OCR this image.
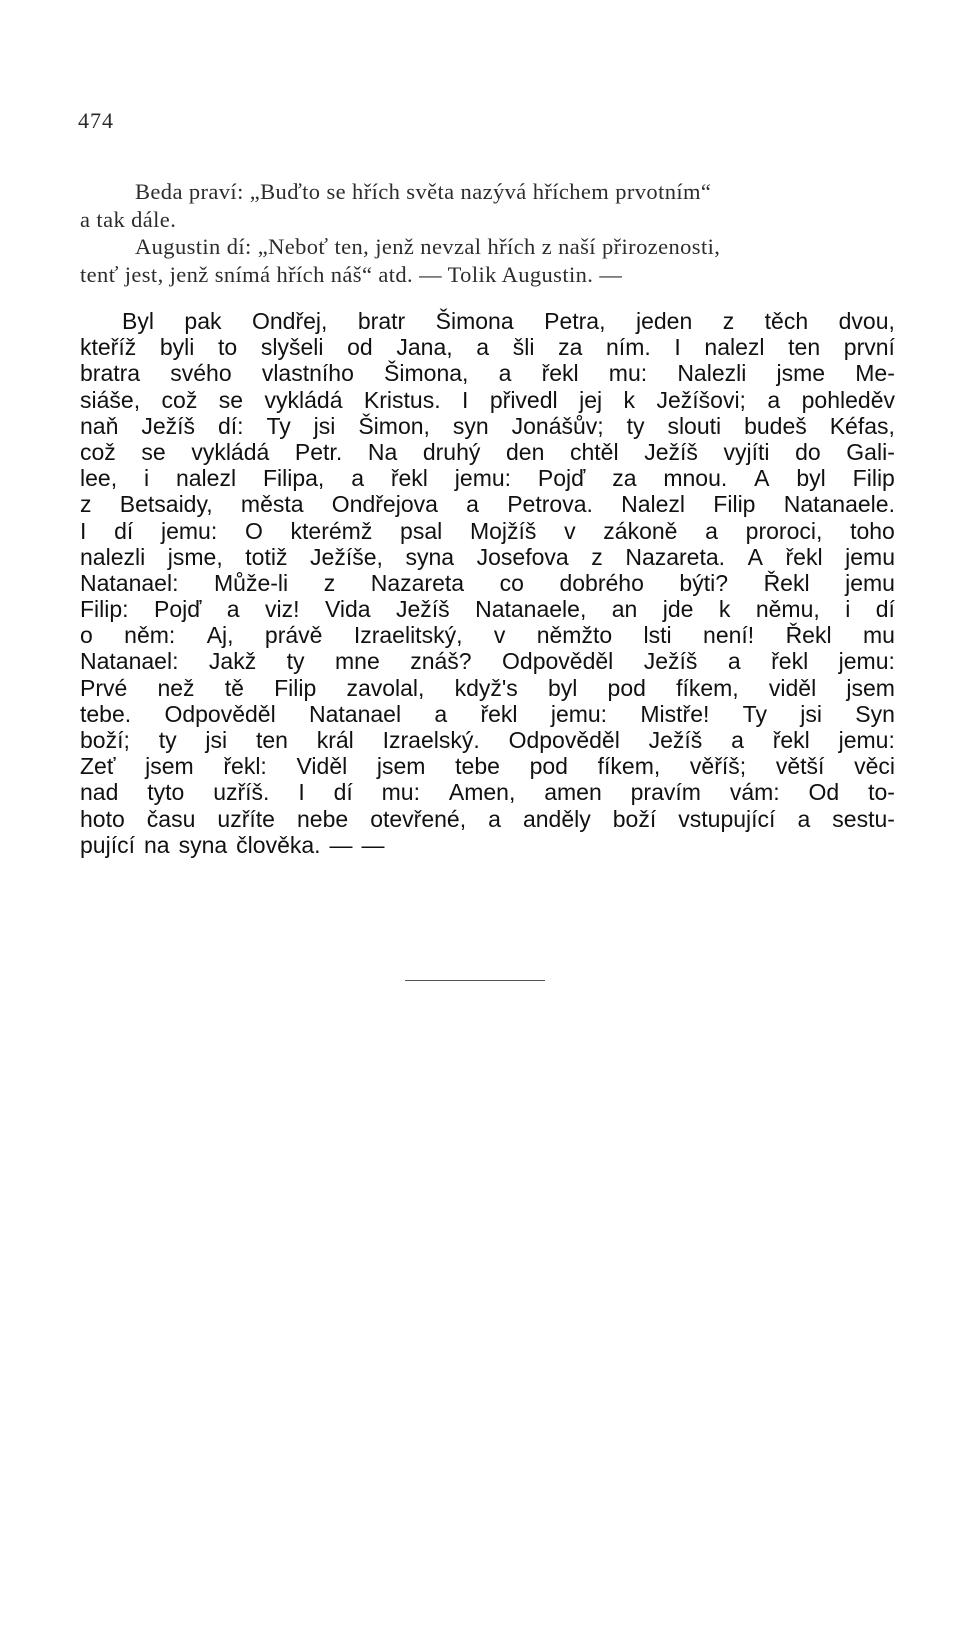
474
Beda praví: „Buďto se hřích světa nazývá hříchem prvotním“
a tak dále.
Augustin dí: „Neboť ten, jenž nevzal hřích z naší přirozenosti,
tenť jest, jenž snímá hřích náš“ atd. — Tolik Augustin. —
Byl pak Ondřej, bratr Šimona Petra, jeden z těch dvou,
kteříž byli to slyšeli od Jana, a šli za ním. I nalezl ten první
bratra svého vlastního Šimona, a řekl mu: Nalezli jsme Me-
siáše, což se vykládá Kristus. I přivedl jej k Ježíšovi; a pohleděv
naň Ježíš dí: Ty jsi Šimon, syn Jonášův; ty slouti budeš Kéfas,
což se vykládá Petr. Na druhý den chtěl Ježíš vyjíti do Gali-
lee, i nalezl Filipa, a řekl jemu: Pojď za mnou. A byl Filip
z Betsaidy, města Ondřejova a Petrova. Nalezl Filip Natanaele.
I dí jemu: O kterémž psal Mojžíš v zákoně a proroci, toho
nalezli jsme, totiž Ježíše, syna Josefova z Nazareta. A řekl jemu
Natanael: Může-li z Nazareta co dobrého býti? Řekl jemu
Filip: Pojď a viz! Vida Ježíš Natanaele, an jde k němu, i dí
o něm: Aj, právě Izraelitský, v němžto lsti není! Řekl mu
Natanael: Jakž ty mne znáš? Odpověděl Ježíš a řekl jemu:
Prvé než tě Filip zavolal, když's byl pod fíkem, viděl jsem
tebe. Odpověděl Natanael a řekl jemu: Mistře! Ty jsi Syn
boží; ty jsi ten král Izraelský. Odpověděl Ježíš a řekl jemu:
Zeť jsem řekl: Viděl jsem tebe pod fíkem, věříš; větší věci
nad tyto uzříš. I dí mu: Amen, amen pravím vám: Od to-
hoto času uzříte nebe otevřené, a anděly boží vstupující a sestu-
pující na syna člověka. — —
